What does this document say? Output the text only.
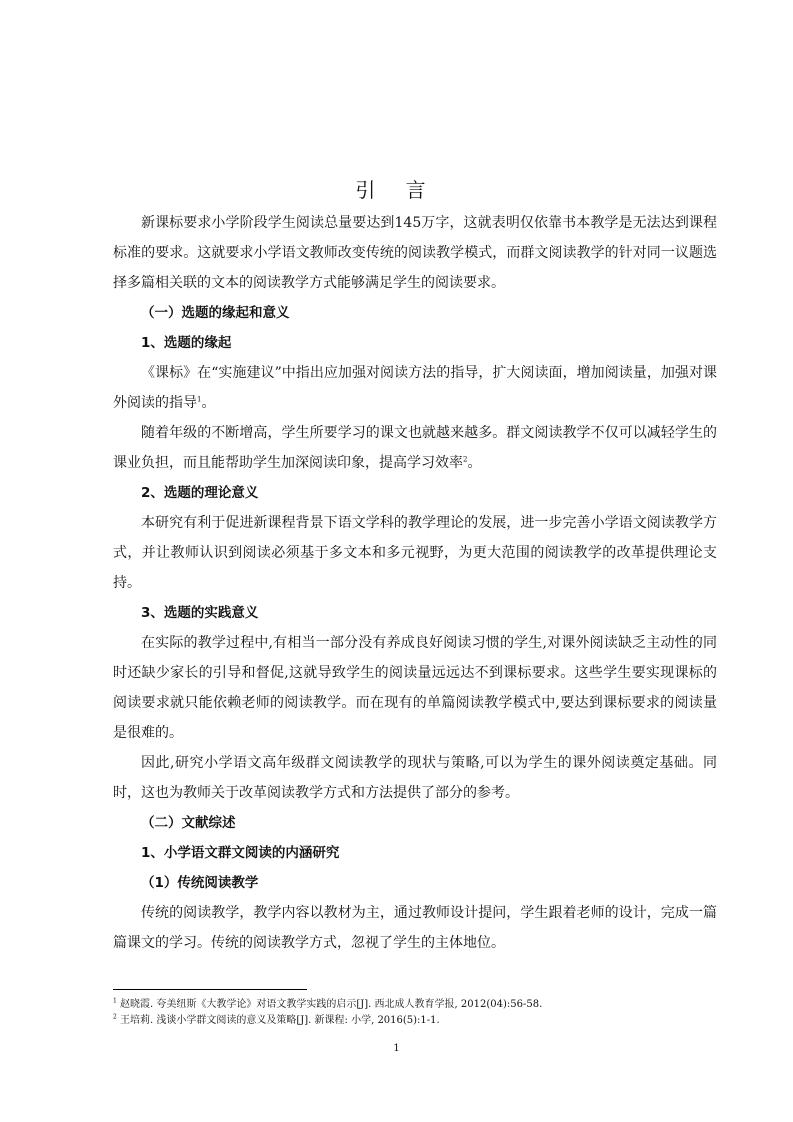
引 言

新课标要求小学阶段学生阅读总量要达到145万字，这就表明仅依靠书本教学是无法达到课程标准的要求。这就要求小学语文教师改变传统的阅读教学模式，而群文阅读教学的针对同一议题选择多篇相关联的文本的阅读教学方式能够满足学生的阅读要求。

（一）选题的缘起和意义

1、选题的缘起

《课标》在“实施建议”中指出应加强对阅读方法的指导，扩大阅读面，增加阅读量，加强对课外阅读的指导$^1$。

随着年级的不断增高，学生所要学习的课文也就越来越多。群文阅读教学不仅可以减轻学生的课业负担，而且能帮助学生加深阅读印象，提高学习效率$^2$。

2、选题的理论意义

本研究有利于促进新课程背景下语文学科的教学理论的发展，进一步完善小学语文阅读教学方式，并让教师认识到阅读必须基于多文本和多元视野，为更大范围的阅读教学的改革提供理论支持。

3、选题的实践意义

在实际的教学过程中,有相当一部分没有养成良好阅读习惯的学生,对课外阅读缺乏主动性的同时还缺少家长的引导和督促,这就导致学生的阅读量远远达不到课标要求。这些学生要实现课标的阅读要求就只能依赖老师的阅读教学。而在现有的单篇阅读教学模式中,要达到课标要求的阅读量是很难的。

因此,研究小学语文高年级群文阅读教学的现状与策略,可以为学生的课外阅读奠定基础。同时，这也为教师关于改革阅读教学方式和方法提供了部分的参考。

（二）文献综述

1、小学语文群文阅读的内涵研究

（1）传统阅读教学

传统的阅读教学，教学内容以教材为主，通过教师设计提问，学生跟着老师的设计，完成一篇篇课文的学习。传统的阅读教学方式，忽视了学生的主体地位。

$^1$ 赵晓霞. 夸美纽斯《大教学论》对语文教学实践的启示[J]. 西北成人教育学报, 2012(04):56-58.
$^2$ 王培莉. 浅谈小学群文阅读的意义及策略[J]. 新课程: 小学, 2016(5):1-1.
1
